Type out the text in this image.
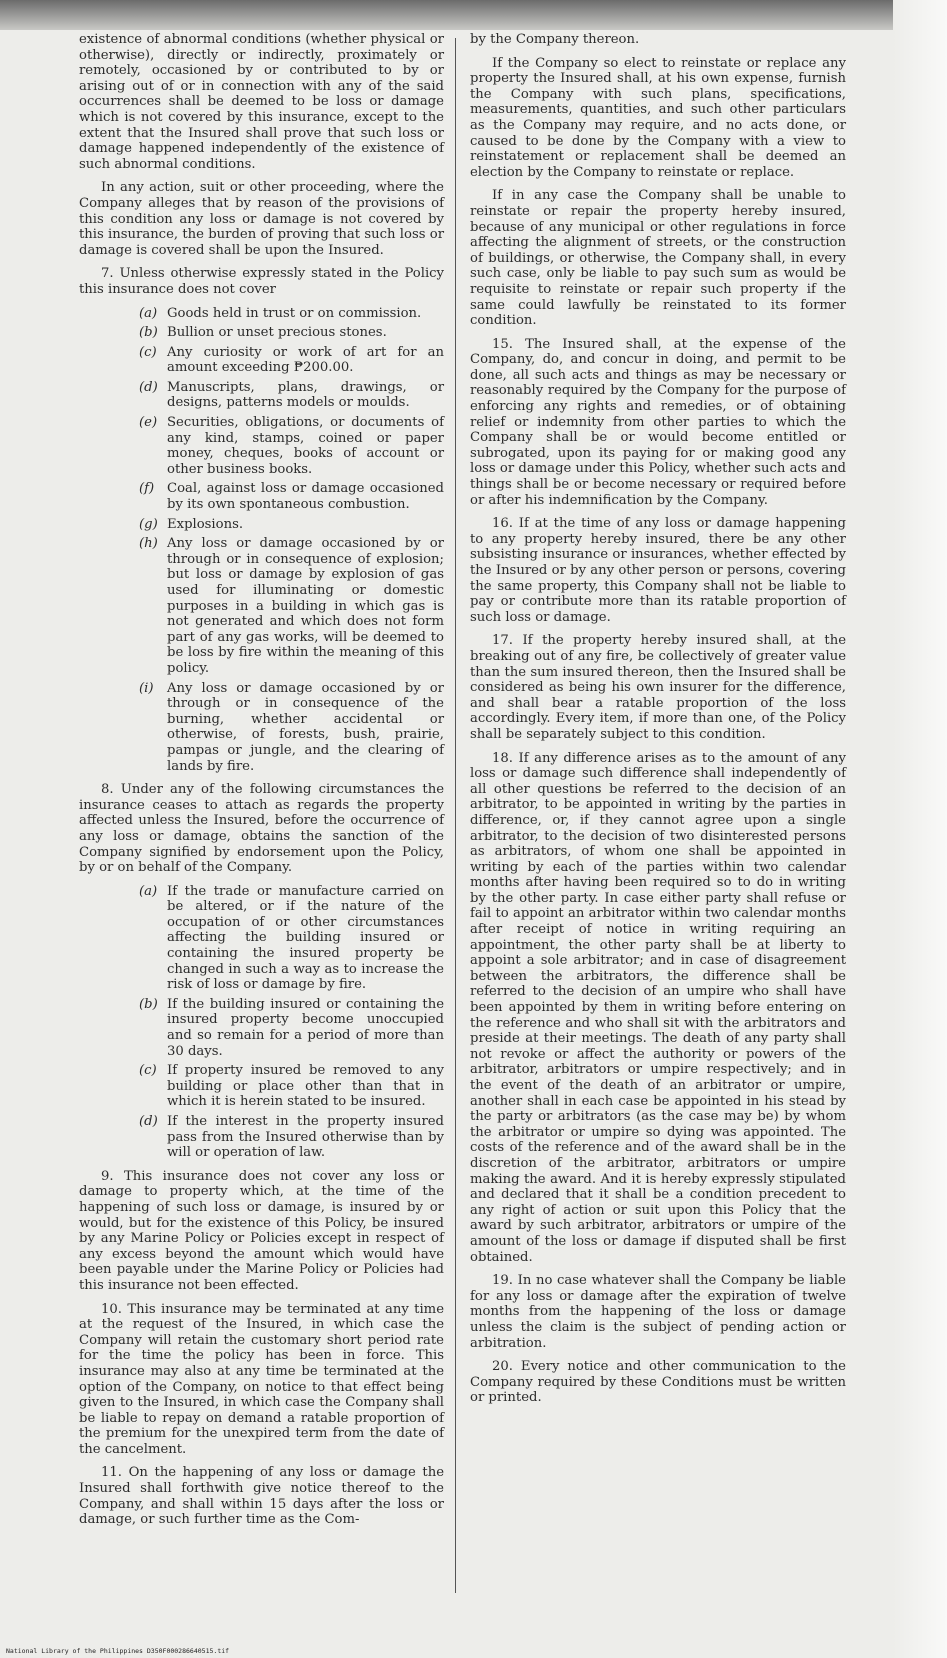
existence of abnormal conditions (whether physical or otherwise), directly or indirectly, proximately or remotely, occasioned by or contributed to by or arising out of or in connection with any of the said occurrences shall be deemed to be loss or damage which is not covered by this insurance, except to the extent that the Insured shall prove that such loss or damage happened independently of the existence of such abnormal conditions.

In any action, suit or other proceeding, where the Company alleges that by reason of the provisions of this condition any loss or damage is not covered by this insurance, the burden of proving that such loss or damage is covered shall be upon the Insured.

7. Unless otherwise expressly stated in the Policy this insurance does not cover

(a) Goods held in trust or on commission.
(b) Bullion or unset precious stones.
(c) Any curiosity or work of art for an amount exceeding ₱200.00.
(d) Manuscripts, plans, drawings, or designs, patterns models or moulds.
(e) Securities, obligations, or documents of any kind, stamps, coined or paper money, cheques, books of account or other business books.
(f) Coal, against loss or damage occasioned by its own spontaneous combustion.
(g) Explosions.
(h) Any loss or damage occasioned by or through or in consequence of explosion; but loss or damage by explosion of gas used for illuminating or domestic purposes in a building in which gas is not generated and which does not form part of any gas works, will be deemed to be loss by fire within the meaning of this policy.
(i) Any loss or damage occasioned by or through or in consequence of the burning, whether accidental or otherwise, of forests, bush, prairie, pampas or jungle, and the clearing of lands by fire.

8. Under any of the following circumstances the insurance ceases to attach as regards the property affected unless the Insured, before the occurrence of any loss or damage, obtains the sanction of the Company signified by endorsement upon the Policy, by or on behalf of the Company.

(a) If the trade or manufacture carried on be altered, or if the nature of the occupation of or other circumstances affecting the building insured or containing the insured property be changed in such a way as to increase the risk of loss or damage by fire.
(b) If the building insured or containing the insured property become unoccupied and so remain for a period of more than 30 days.
(c) If property insured be removed to any building or place other than that in which it is herein stated to be insured.
(d) If the interest in the property insured pass from the Insured otherwise than by will or operation of law.

9. This insurance does not cover any loss or damage to property which, at the time of the happening of such loss or damage, is insured by or would, but for the existence of this Policy, be insured by any Marine Policy or Policies except in respect of any excess beyond the amount which would have been payable under the Marine Policy or Policies had this insurance not been effected.

10. This insurance may be terminated at any time at the request of the Insured, in which case the Company will retain the customary short period rate for the time the policy has been in force. This insurance may also at any time be terminated at the option of the Company, on notice to that effect being given to the Insured, in which case the Company shall be liable to repay on demand a ratable proportion of the premium for the unexpired term from the date of the cancelment.

11. On the happening of any loss or damage the Insured shall forthwith give notice thereof to the Company, and shall within 15 days after the loss or damage, or such further time as the Com-

by the Company thereon.

If the Company so elect to reinstate or replace any property the Insured shall, at his own expense, furnish the Company with such plans, specifications, measurements, quantities, and such other particulars as the Company may require, and no acts done, or caused to be done by the Company with a view to reinstatement or replacement shall be deemed an election by the Company to reinstate or replace.

If in any case the Company shall be unable to reinstate or repair the property hereby insured, because of any municipal or other regulations in force affecting the alignment of streets, or the construction of buildings, or otherwise, the Company shall, in every such case, only be liable to pay such sum as would be requisite to reinstate or repair such property if the same could lawfully be reinstated to its former condition.

15. The Insured shall, at the expense of the Company, do, and concur in doing, and permit to be done, all such acts and things as may be necessary or reasonably required by the Company for the purpose of enforcing any rights and remedies, or of obtaining relief or indemnity from other parties to which the Company shall be or would become entitled or subrogated, upon its paying for or making good any loss or damage under this Policy, whether such acts and things shall be or become necessary or required before or after his indemnification by the Company.

16. If at the time of any loss or damage happening to any property hereby insured, there be any other subsisting insurance or insurances, whether effected by the Insured or by any other person or persons, covering the same property, this Company shall not be liable to pay or contribute more than its ratable proportion of such loss or damage.

17. If the property hereby insured shall, at the breaking out of any fire, be collectively of greater value than the sum insured thereon, then the Insured shall be considered as being his own insurer for the difference, and shall bear a ratable proportion of the loss accordingly. Every item, if more than one, of the Policy shall be separately subject to this condition.

18. If any difference arises as to the amount of any loss or damage such difference shall independently of all other questions be referred to the decision of an arbitrator, to be appointed in writing by the parties in difference, or, if they cannot agree upon a single arbitrator, to the decision of two disinterested persons as arbitrators, of whom one shall be appointed in writing by each of the parties within two calendar months after having been required so to do in writing by the other party. In case either party shall refuse or fail to appoint an arbitrator within two calendar months after receipt of notice in writing requiring an appointment, the other party shall be at liberty to appoint a sole arbitrator; and in case of disagreement between the arbitrators, the difference shall be referred to the decision of an umpire who shall have been appointed by them in writing before entering on the reference and who shall sit with the arbitrators and preside at their meetings. The death of any party shall not revoke or affect the authority or powers of the arbitrator, arbitrators or umpire respectively; and in the event of the death of an arbitrator or umpire, another shall in each case be appointed in his stead by the party or arbitrators (as the case may be) by whom the arbitrator or umpire so dying was appointed. The costs of the reference and of the award shall be in the discretion of the arbitrator, arbitrators or umpire making the award. And it is hereby expressly stipulated and declared that it shall be a condition precedent to any right of action or suit upon this Policy that the award by such arbitrator, arbitrators or umpire of the amount of the loss or damage if disputed shall be first obtained.

19. In no case whatever shall the Company be liable for any loss or damage after the expiration of twelve months from the happening of the loss or damage unless the claim is the subject of pending action or arbitration.

20. Every notice and other communication to the Company required by these Conditions must be written or printed.

National Library of the Philippines D350F000286640515.tif
